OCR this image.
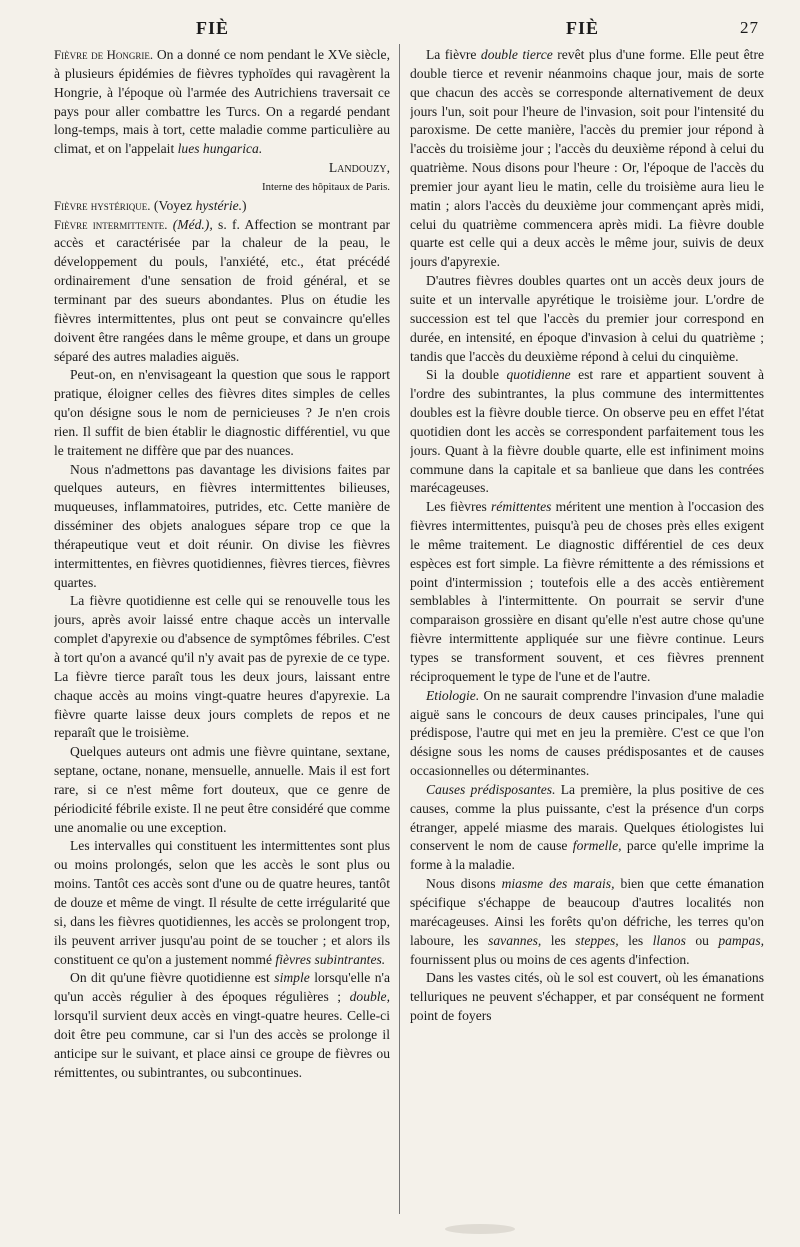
FIÈ	FIÈ	27

Fièvre de Hongrie. On a donné ce nom pendant le XVe siècle, à plusieurs épidémies de fièvres typhoïdes qui ravagèrent la Hongrie, à l'époque où l'armée des Autrichiens traversait ce pays pour aller combattre les Turcs. On a regardé pendant long-temps, mais à tort, cette maladie comme particulière au climat, et on l'appelait lues hungarica.

Landouzy,

Interne des hôpitaux de Paris.

Fièvre hystérique. (Voyez hystérie.)

Fièvre intermittente. (Méd.), s. f. Affection se montrant par accès et caractérisée par la chaleur de la peau, le développement du pouls, l'anxiété, etc., état précédé ordinairement d'une sensation de froid général, et se terminant par des sueurs abondantes. Plus on étudie les fièvres intermittentes, plus ont peut se convaincre qu'elles doivent être rangées dans le même groupe, et dans un groupe séparé des autres maladies aiguës.

Peut-on, en n'envisageant la question que sous le rapport pratique, éloigner celles des fièvres dites simples de celles qu'on désigne sous le nom de pernicieuses ? Je n'en crois rien. Il suffit de bien établir le diagnostic différentiel, vu que le traitement ne diffère que par des nuances.

Nous n'admettons pas davantage les divisions faites par quelques auteurs, en fièvres intermittentes bilieuses, muqueuses, inflammatoires, putrides, etc. Cette manière de disséminer des objets analogues sépare trop ce que la thérapeutique veut et doit réunir. On divise les fièvres intermittentes, en fièvres quotidiennes, fièvres tierces, fièvres quartes.

La fièvre quotidienne est celle qui se renouvelle tous les jours, après avoir laissé entre chaque accès un intervalle complet d'apyrexie ou d'absence de symptômes fébriles. C'est à tort qu'on a avancé qu'il n'y avait pas de pyrexie de ce type. La fièvre tierce paraît tous les deux jours, laissant entre chaque accès au moins vingt-quatre heures d'apyrexie. La fièvre quarte laisse deux jours complets de repos et ne reparaît que le troisième.

Quelques auteurs ont admis une fièvre quintane, sextane, septane, octane, nonane, mensuelle, annuelle. Mais il est fort rare, si ce n'est même fort douteux, que ce genre de périodicité fébrile existe. Il ne peut être considéré que comme une anomalie ou une exception.

Les intervalles qui constituent les intermittentes sont plus ou moins prolongés, selon que les accès le sont plus ou moins. Tantôt ces accès sont d'une ou de quatre heures, tantôt de douze et même de vingt. Il résulte de cette irrégularité que si, dans les fièvres quotidiennes, les accès se prolongent trop, ils peuvent arriver jusqu'au point de se toucher ; et alors ils constituent ce qu'on a justement nommé fièvres subintrantes.

On dit qu'une fièvre quotidienne est simple lorsqu'elle n'a qu'un accès régulier à des époques régulières ; double, lorsqu'il survient deux accès en vingt-quatre heures. Celle-ci doit être peu commune, car si l'un des accès se prolonge il anticipe sur le suivant, et place ainsi ce groupe de fièvres ou rémittentes, ou subintrantes, ou subcontinues.

La fièvre double tierce revêt plus d'une forme. Elle peut être double tierce et revenir néanmoins chaque jour, mais de sorte que chacun des accès se corresponde alternativement de deux jours l'un, soit pour l'heure de l'invasion, soit pour l'intensité du paroxisme. De cette manière, l'accès du premier jour répond à l'accès du troisième jour ; l'accès du deuxième répond à celui du quatrième. Nous disons pour l'heure : Or, l'époque de l'accès du premier jour ayant lieu le matin, celle du troisième aura lieu le matin ; alors l'accès du deuxième jour commençant après midi, celui du quatrième commencera après midi. La fièvre double quarte est celle qui a deux accès le même jour, suivis de deux jours d'apyrexie.

D'autres fièvres doubles quartes ont un accès deux jours de suite et un intervalle apyrétique le troisième jour. L'ordre de succession est tel que l'accès du premier jour correspond en durée, en intensité, en époque d'invasion à celui du quatrième ; tandis que l'accès du deuxième répond à celui du cinquième.

Si la double quotidienne est rare et appartient souvent à l'ordre des subintrantes, la plus commune des intermittentes doubles est la fièvre double tierce. On observe peu en effet l'état quotidien dont les accès se correspondent parfaitement tous les jours. Quant à la fièvre double quarte, elle est infiniment moins commune dans la capitale et sa banlieue que dans les contrées marécageuses.

Les fièvres rémittentes méritent une mention à l'occasion des fièvres intermittentes, puisqu'à peu de choses près elles exigent le même traitement. Le diagnostic différentiel de ces deux espèces est fort simple. La fièvre rémittente a des rémissions et point d'intermission ; toutefois elle a des accès entièrement semblables à l'intermittente. On pourrait se servir d'une comparaison grossière en disant qu'elle n'est autre chose qu'une fièvre intermittente appliquée sur une fièvre continue. Leurs types se transforment souvent, et ces fièvres prennent réciproquement le type de l'une et de l'autre.

Etiologie. On ne saurait comprendre l'invasion d'une maladie aiguë sans le concours de deux causes principales, l'une qui prédispose, l'autre qui met en jeu la première. C'est ce que l'on désigne sous les noms de causes prédisposantes et de causes occasionnelles ou déterminantes.

Causes prédisposantes. La première, la plus positive de ces causes, comme la plus puissante, c'est la présence d'un corps étranger, appelé miasme des marais. Quelques étiologistes lui conservent le nom de cause formelle, parce qu'elle imprime la forme à la maladie.

Nous disons miasme des marais, bien que cette émanation spécifique s'échappe de beaucoup d'autres localités non marécageuses. Ainsi les forêts qu'on défriche, les terres qu'on laboure, les savannes, les steppes, les llanos ou pampas, fournissent plus ou moins de ces agents d'infection.

Dans les vastes cités, où le sol est couvert, où les émanations telluriques ne peuvent s'échapper, et par conséquent ne forment point de foyers
